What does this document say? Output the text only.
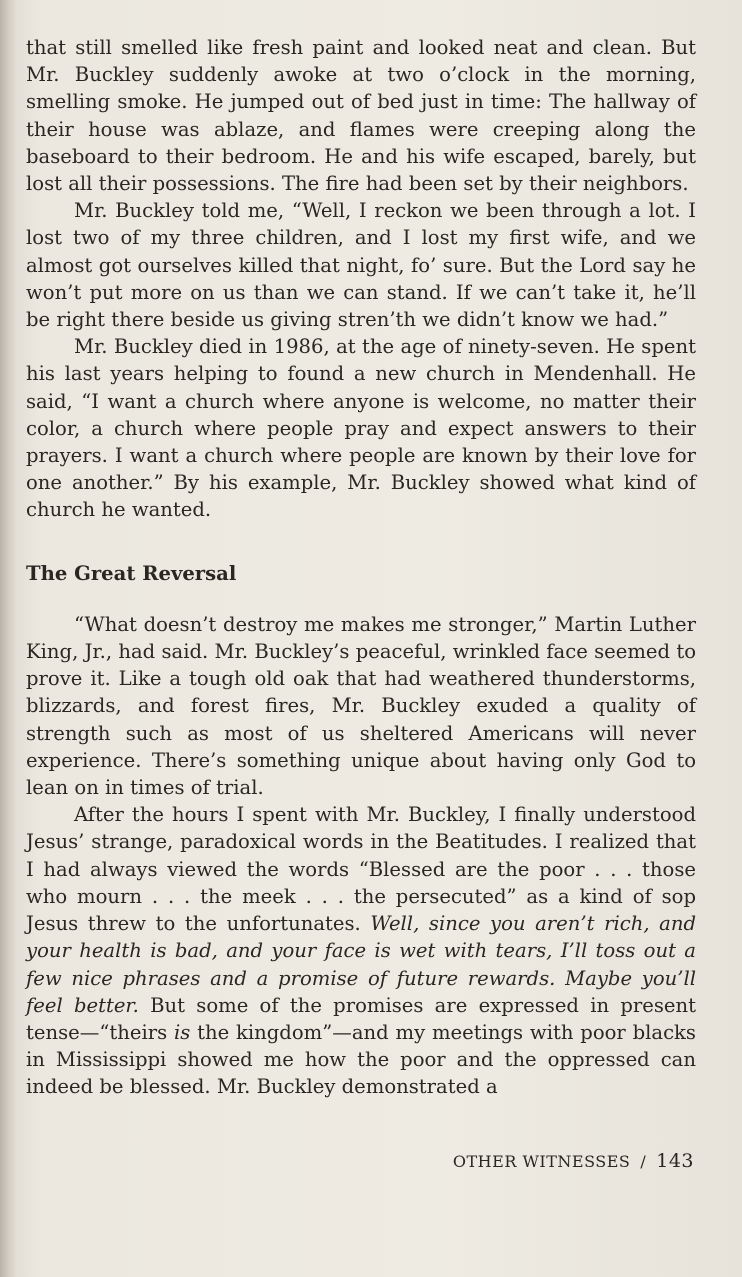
that still smelled like fresh paint and looked neat and clean. But Mr. Buckley suddenly awoke at two o’clock in the morning, smelling smoke. He jumped out of bed just in time: The hallway of their house was ablaze, and flames were creeping along the baseboard to their bedroom. He and his wife escaped, barely, but lost all their possessions. The fire had been set by their neighbors.

Mr. Buckley told me, “Well, I reckon we been through a lot. I lost two of my three children, and I lost my first wife, and we almost got ourselves killed that night, fo’ sure. But the Lord say he won’t put more on us than we can stand. If we can’t take it, he’ll be right there beside us giving stren’th we didn’t know we had.”

Mr. Buckley died in 1986, at the age of ninety-seven. He spent his last years helping to found a new church in Mendenhall. He said, “I want a church where anyone is welcome, no matter their color, a church where people pray and expect answers to their prayers. I want a church where people are known by their love for one another.” By his example, Mr. Buckley showed what kind of church he wanted.

The Great Reversal

“What doesn’t destroy me makes me stronger,” Martin Luther King, Jr., had said. Mr. Buckley’s peaceful, wrinkled face seemed to prove it. Like a tough old oak that had weathered thunderstorms, blizzards, and forest fires, Mr. Buckley exuded a quality of strength such as most of us sheltered Americans will never experience. There’s something unique about having only God to lean on in times of trial.

After the hours I spent with Mr. Buckley, I finally understood Jesus’ strange, paradoxical words in the Beatitudes. I realized that I had always viewed the words “Blessed are the poor . . . those who mourn . . . the meek . . . the persecuted” as a kind of sop Jesus threw to the unfortunates. Well, since you aren’t rich, and your health is bad, and your face is wet with tears, I’ll toss out a few nice phrases and a promise of future rewards. Maybe you’ll feel better. But some of the promises are expressed in present tense—“theirs is the kingdom”—and my meetings with poor blacks in Mississippi showed me how the poor and the oppressed can indeed be blessed. Mr. Buckley demonstrated a

OTHER WITNESSES / 143
